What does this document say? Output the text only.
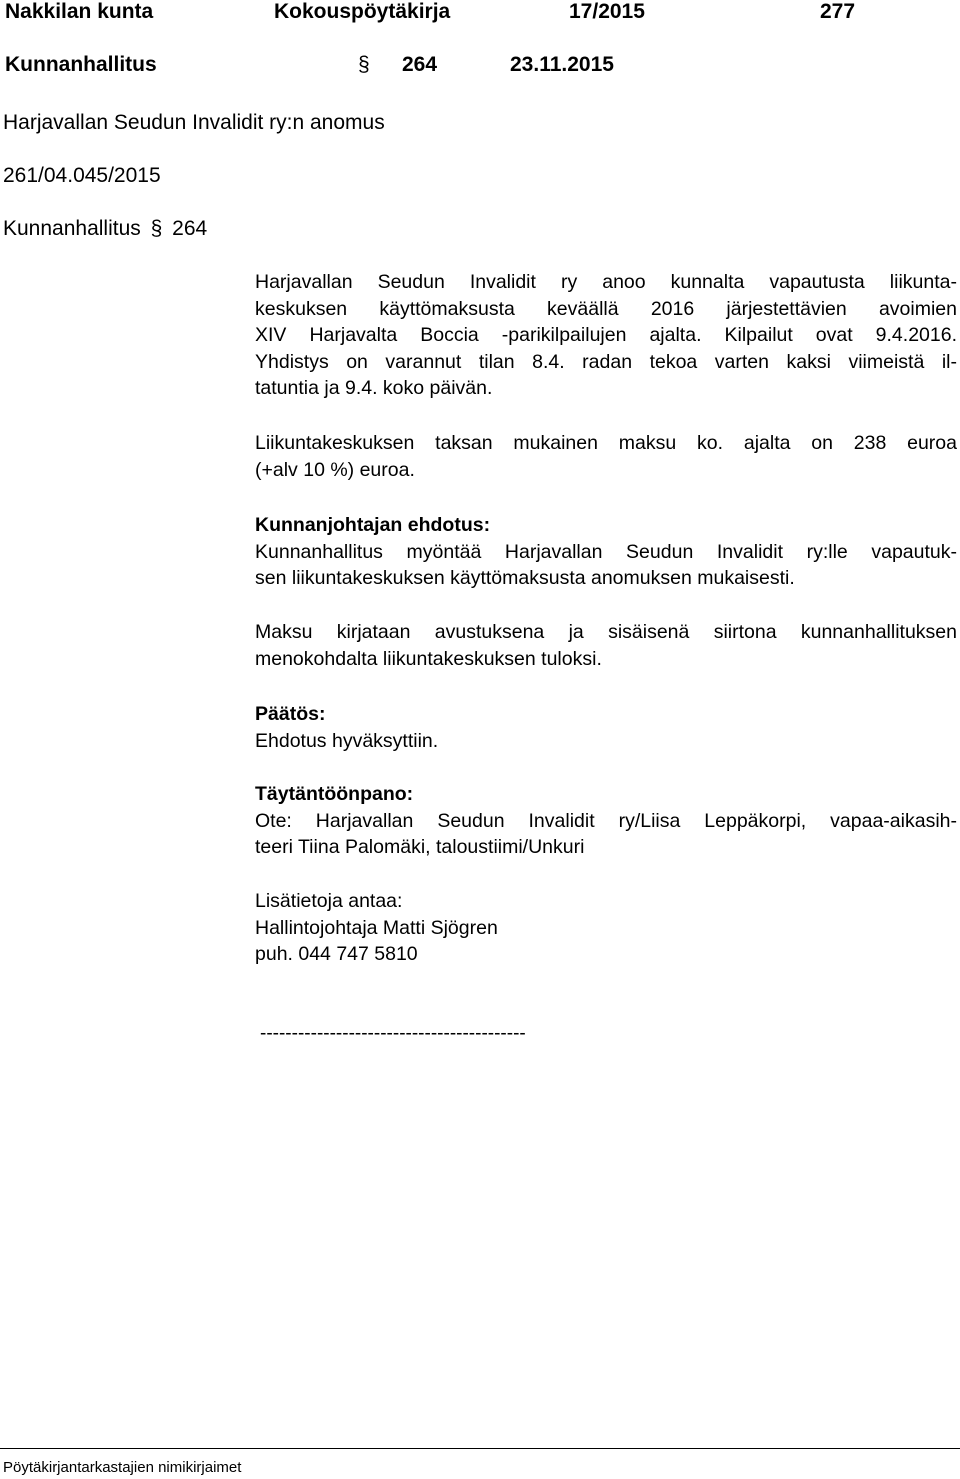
Nakkilan kunta	Kokouspöytäkirja	17/2015	277
Kunnanhallitus	§ 264	23.11.2015
Harjavallan Seudun Invalidit ry:n anomus
261/04.045/2015
Kunnanhallitus § 264

Harjavallan Seudun Invalidit ry anoo kunnalta vapautusta liikunta-

keskuksen käyttömaksusta keväällä 2016 järjestettävien avoimien

XIV Harjavalta Boccia -parikilpailujen ajalta. Kilpailut ovat 9.4.2016.

Yhdistys on varannut tilan 8.4. radan tekoa varten kaksi viimeistä il-

tatuntia ja 9.4. koko päivän.

Liikuntakeskuksen taksan mukainen maksu ko. ajalta on 238 euroa

(+alv 10 %) euroa.

Kunnanjohtajan ehdotus:

Kunnanhallitus myöntää Harjavallan Seudun Invalidit ry:lle vapautuk-

sen liikuntakeskuksen käyttömaksusta anomuksen mukaisesti.

Maksu kirjataan avustuksena ja sisäisenä siirtona kunnanhallituksen

menokohdalta liikuntakeskuksen tuloksi.

Päätös:

Ehdotus hyväksyttiin.

Täytäntöönpano:

Ote: Harjavallan Seudun Invalidit ry/Liisa Leppäkorpi, vapaa-aikasih-

teeri Tiina Palomäki, taloustiimi/Unkuri

Lisätietoja antaa:

Hallintojohtaja Matti Sjögren

puh. 044 747 5810

------------------------------------------
Pöytäkirjantarkastajien nimikirjaimet
